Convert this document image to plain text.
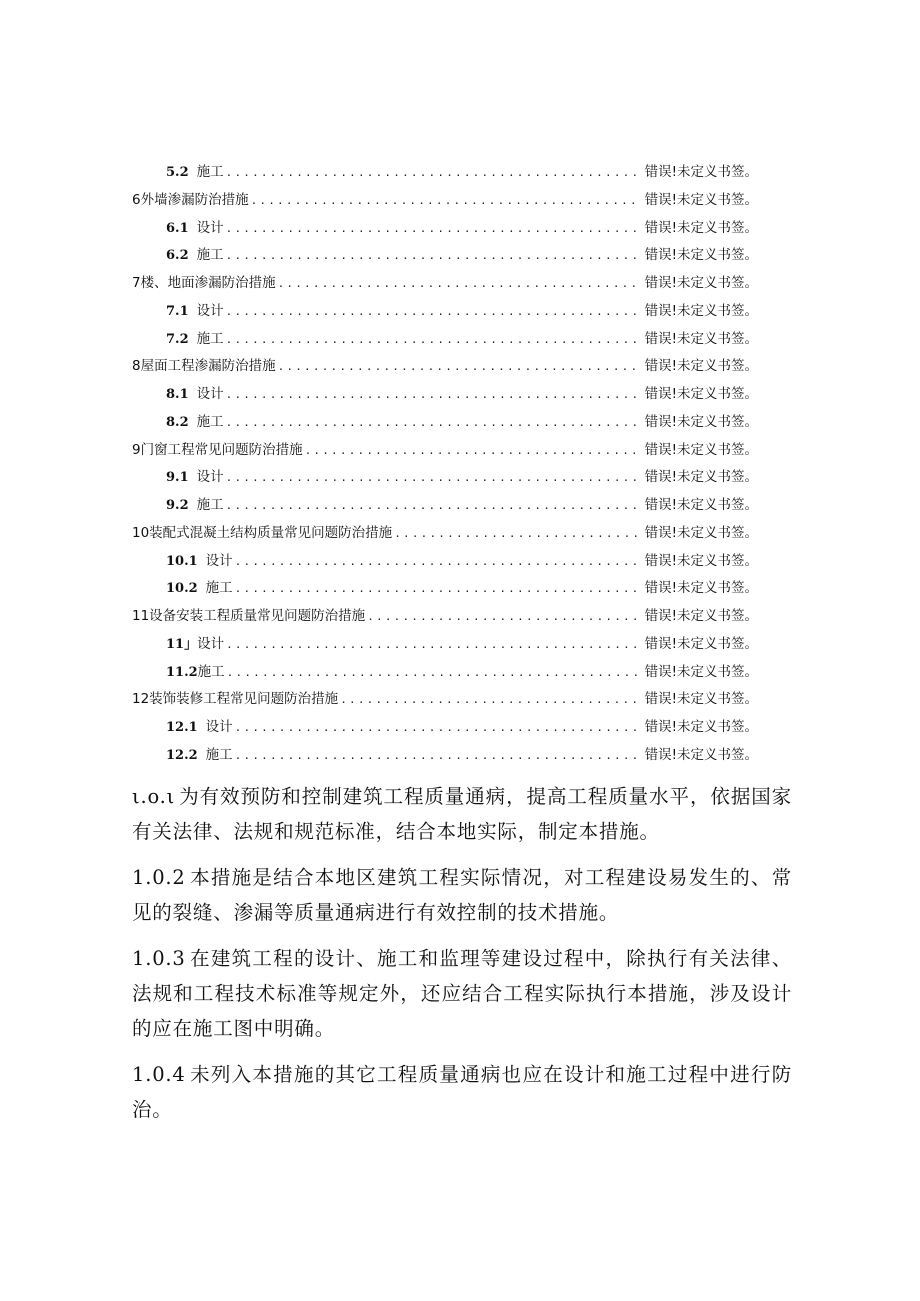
5.2 施工 .....	错误!未定义书签。
6外墙渗漏防治措施 .....	错误!未定义书签。
6.1 设计 .....	错误!未定义书签。
6.2 施工 .....	错误!未定义书签。
7楼、地面渗漏防治措施 .....	错误!未定义书签。
7.1 设计 .....	错误!未定义书签。
7.2 施工 .....	错误!未定义书签。
8屋面工程渗漏防治措施 .....	错误!未定义书签。
8.1 设计 .....	错误!未定义书签。
8.2 施工 .....	错误!未定义书签。
9门窗工程常见问题防治措施 .....	错误!未定义书签。
9.1 设计 .....	错误!未定义书签。
9.2 施工 .....	错误!未定义书签。
10装配式混凝土结构质量常见问题防治措施 .....	错误!未定义书签。
10.1 设计 .....	错误!未定义书签。
10.2 施工 .....	错误!未定义书签。
11设备安装工程质量常见问题防治措施 .....	错误!未定义书签。
11」 设计 .....	错误!未定义书签。
11.2 施工 .....	错误!未定义书签。
12装饰装修工程常见问题防治措施 .....	错误!未定义书签。
12.1 设计 .....	错误!未定义书签。
12.2 施工 .....	错误!未定义书签。

ι.o.ι 为有效预防和控制建筑工程质量通病，提高工程质量水平，依据国家有关法律、法规和规范标准，结合本地实际，制定本措施。

1.0.2 本措施是结合本地区建筑工程实际情况，对工程建设易发生的、常见的裂缝、渗漏等质量通病进行有效控制的技术措施。

1.0.3 在建筑工程的设计、施工和监理等建设过程中，除执行有关法律、法规和工程技术标准等规定外，还应结合工程实际执行本措施，涉及设计的应在施工图中明确。

1.0.4 未列入本措施的其它工程质量通病也应在设计和施工过程中进行防治。
